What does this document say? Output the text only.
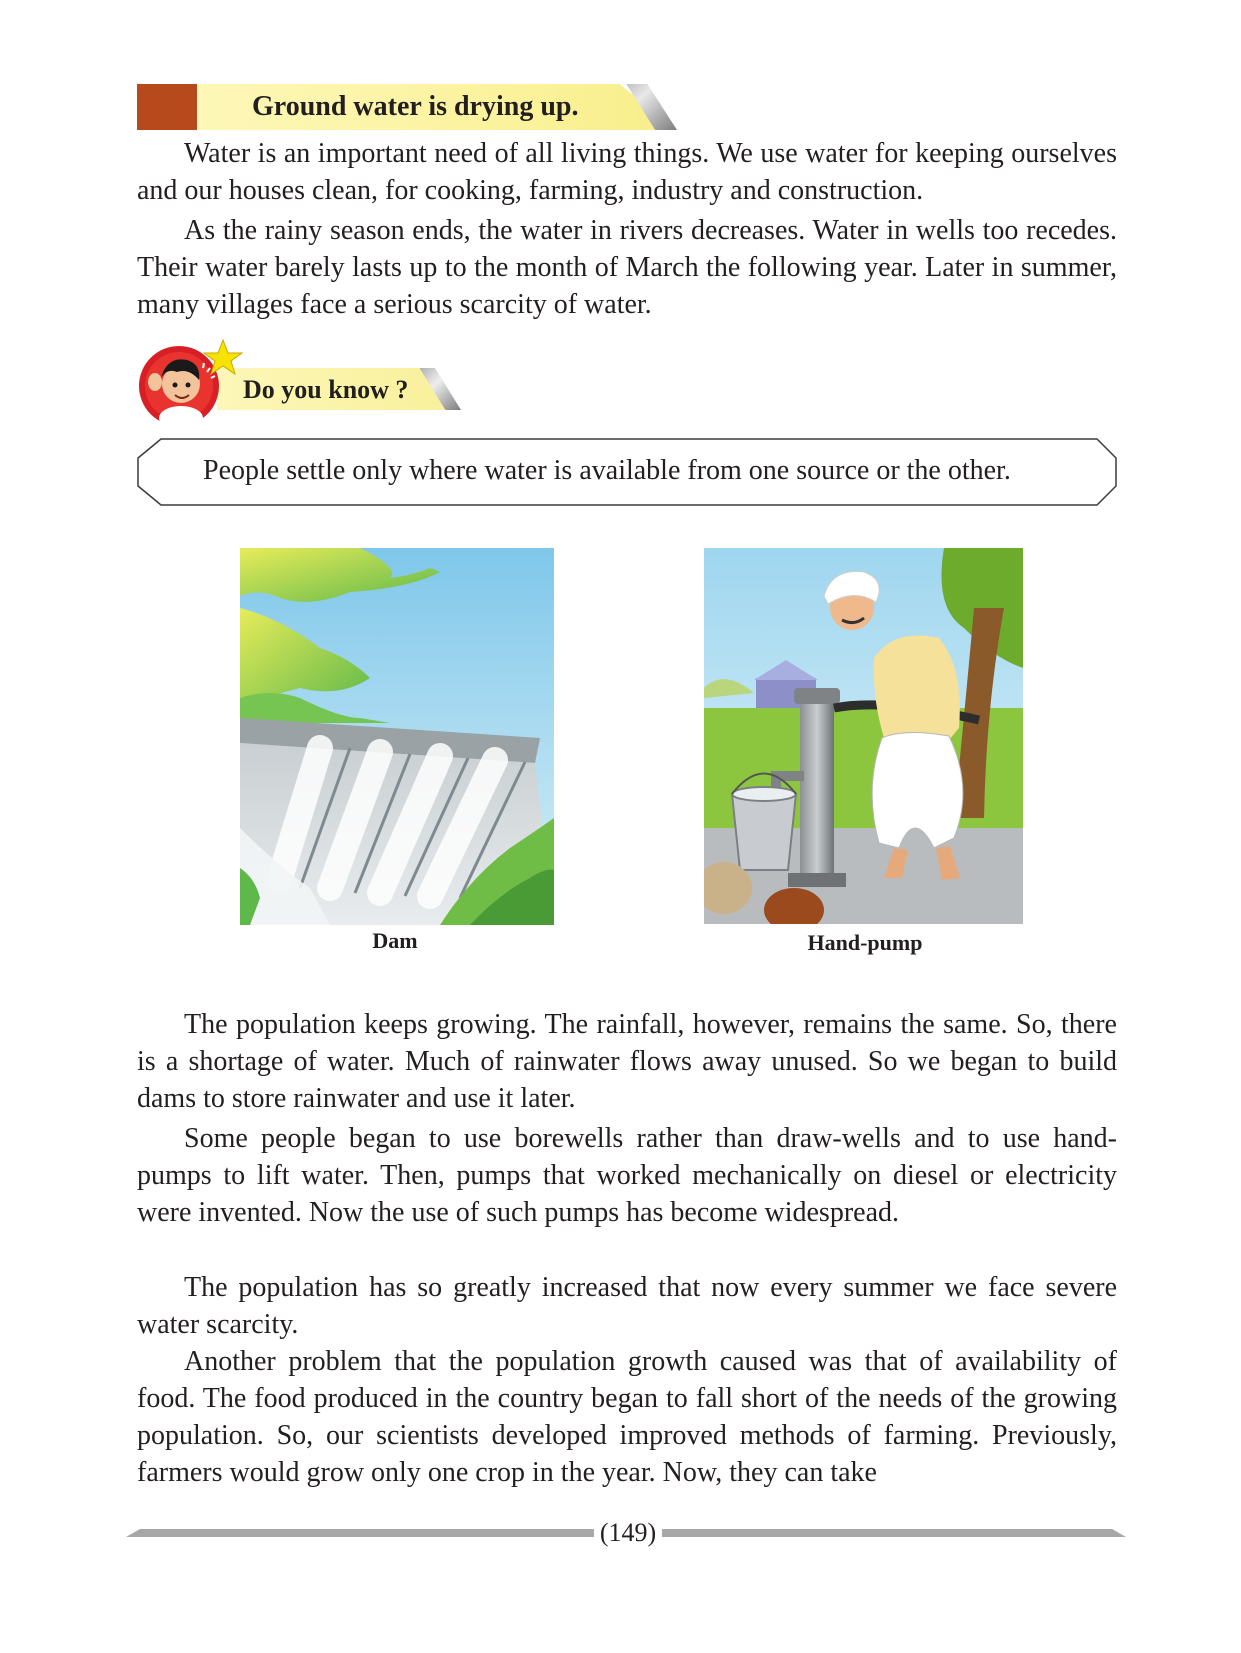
Ground water is drying up.

Water is an important need of all living things. We use water for keeping ourselves and our houses clean, for cooking, farming, industry and construction.

As the rainy season ends, the water in rivers decreases. Water in wells too recedes. Their water barely lasts up to the month of March the following year. Later in summer, many villages face a serious scarcity of water.

Do you know ?
People settle only where water is available from one source or the other.
Dam	Hand-pump

The population keeps growing. The rainfall, however, remains the same. So, there is a shortage of water. Much of rainwater flows away unused. So we began to build dams to store rainwater and use it later.

Some people began to use borewells rather than draw-wells and to use hand-pumps to lift water. Then, pumps that worked mechanically on diesel or electricity were invented. Now the use of such pumps has become widespread.

The population has so greatly increased that now every summer we face severe water scarcity.

Another problem that the population growth caused was that of availability of food. The food produced in the country began to fall short of the needs of the growing population. So, our scientists developed improved methods of farming. Previously, farmers would grow only one crop in the year. Now, they can take

(149)
